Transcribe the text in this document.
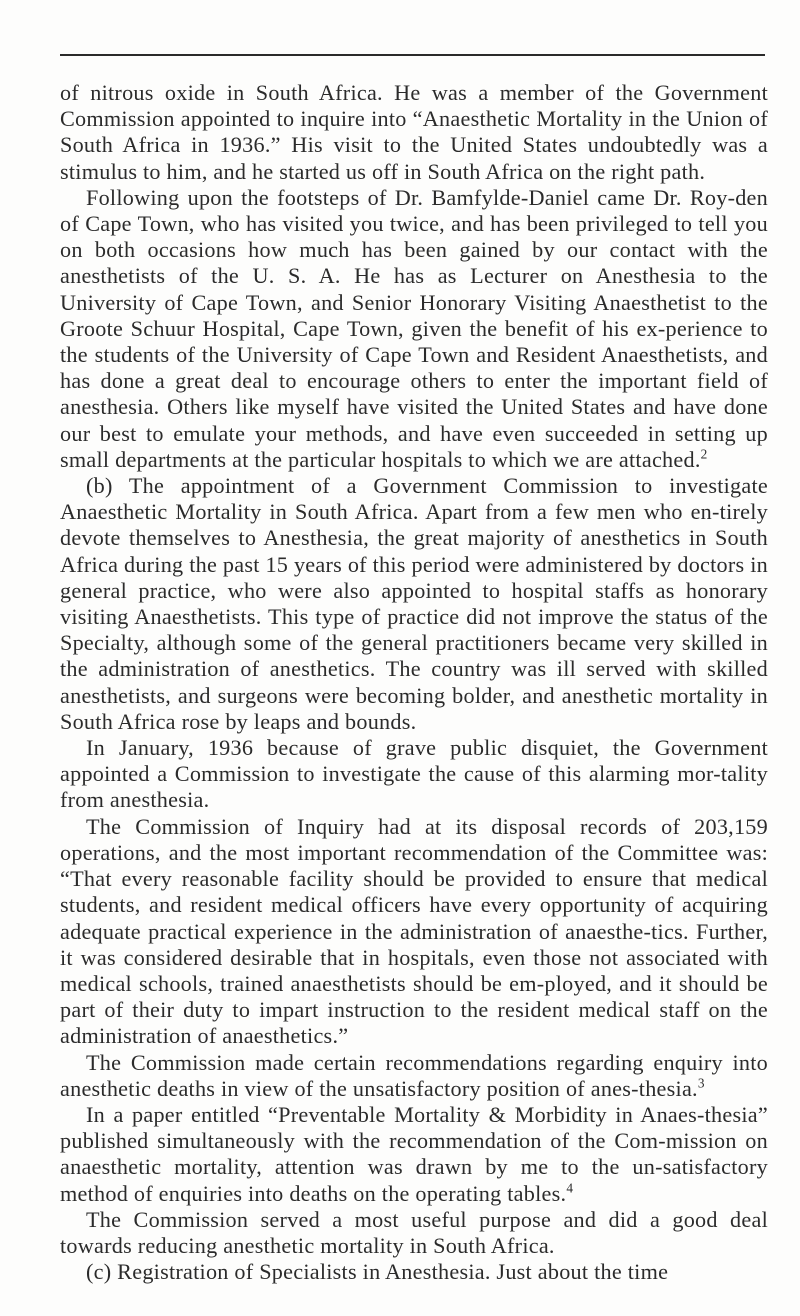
of nitrous oxide in South Africa. He was a member of the Government Commission appointed to inquire into “Anaesthetic Mortality in the Union of South Africa in 1936.” His visit to the United States undoubtedly was a stimulus to him, and he started us off in South Africa on the right path.

Following upon the footsteps of Dr. Bamfylde-Daniel came Dr. Roy-den of Cape Town, who has visited you twice, and has been privileged to tell you on both occasions how much has been gained by our contact with the anesthetists of the U. S. A. He has as Lecturer on Anesthesia to the University of Cape Town, and Senior Honorary Visiting Anaesthetist to the Groote Schuur Hospital, Cape Town, given the benefit of his ex-perience to the students of the University of Cape Town and Resident Anaesthetists, and has done a great deal to encourage others to enter the important field of anesthesia. Others like myself have visited the United States and have done our best to emulate your methods, and have even succeeded in setting up small departments at the particular hospitals to which we are attached.$^2$

(b) The appointment of a Government Commission to investigate Anaesthetic Mortality in South Africa. Apart from a few men who en-tirely devote themselves to Anesthesia, the great majority of anesthetics in South Africa during the past 15 years of this period were administered by doctors in general practice, who were also appointed to hospital staffs as honorary visiting Anaesthetists. This type of practice did not improve the status of the Specialty, although some of the general practitioners became very skilled in the administration of anesthetics. The country was ill served with skilled anesthetists, and surgeons were becoming bolder, and anesthetic mortality in South Africa rose by leaps and bounds.

In January, 1936 because of grave public disquiet, the Government appointed a Commission to investigate the cause of this alarming mor-tality from anesthesia.

The Commission of Inquiry had at its disposal records of 203,159 operations, and the most important recommendation of the Committee was: “That every reasonable facility should be provided to ensure that medical students, and resident medical officers have every opportunity of acquiring adequate practical experience in the administration of anaesthe-tics. Further, it was considered desirable that in hospitals, even those not associated with medical schools, trained anaesthetists should be em-ployed, and it should be part of their duty to impart instruction to the resident medical staff on the administration of anaesthetics.”

The Commission made certain recommendations regarding enquiry into anesthetic deaths in view of the unsatisfactory position of anes-thesia.$^3$

In a paper entitled “Preventable Mortality & Morbidity in Anaes-thesia” published simultaneously with the recommendation of the Com-mission on anaesthetic mortality, attention was drawn by me to the un-satisfactory method of enquiries into deaths on the operating tables.$^4$

The Commission served a most useful purpose and did a good deal towards reducing anesthetic mortality in South Africa.

(c) Registration of Specialists in Anesthesia. Just about the time
